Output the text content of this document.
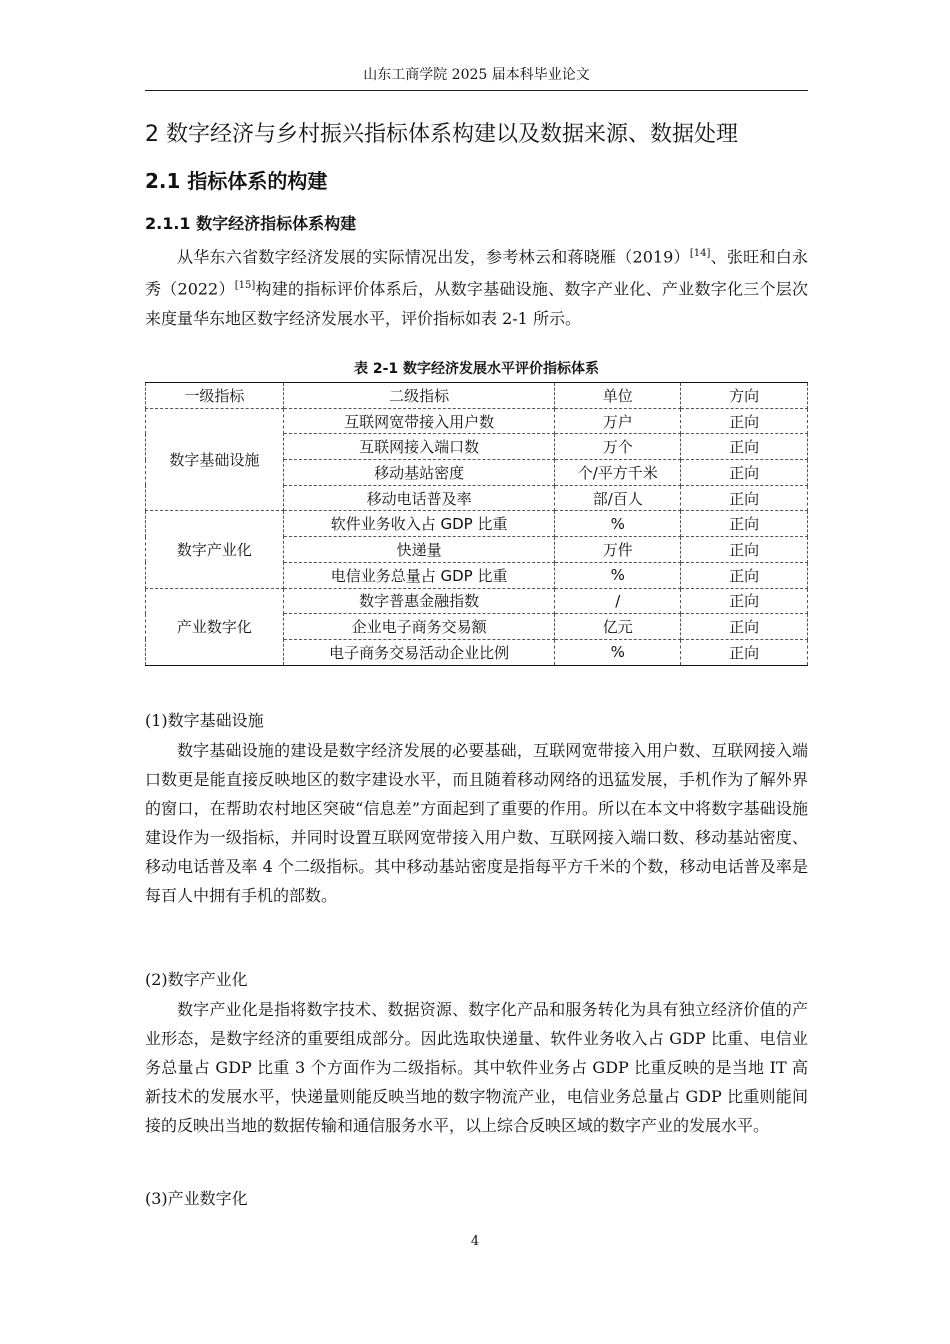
山东工商学院 2025 届本科毕业论文
2 数字经济与乡村振兴指标体系构建以及数据来源、数据处理
2.1 指标体系的构建
2.1.1 数字经济指标体系构建

从华东六省数字经济发展的实际情况出发，参考林云和蒋晓雁（2019）[14]、张旺和白永秀（2022）[15]构建的指标评价体系后，从数字基础设施、数字产业化、产业数字化三个层次来度量华东地区数字经济发展水平，评价指标如表 2-1 所示。

表 2-1 数字经济发展水平评价指标体系
一级指标	二级指标	单位	方向
数字基础设施	互联网宽带接入用户数	万户	正向
	互联网接入端口数	万个	正向
	移动基站密度	个/平方千米	正向
	移动电话普及率	部/百人	正向
数字产业化	软件业务收入占 GDP 比重	%	正向
	快递量	万件	正向
	电信业务总量占 GDP 比重	%	正向
产业数字化	数字普惠金融指数	/	正向
	企业电子商务交易额	亿元	正向
	电子商务交易活动企业比例	%	正向
(1)数字基础设施

数字基础设施的建设是数字经济发展的必要基础，互联网宽带接入用户数、互联网接入端口数更是能直接反映地区的数字建设水平，而且随着移动网络的迅猛发展，手机作为了解外界的窗口，在帮助农村地区突破“信息差”方面起到了重要的作用。所以在本文中将数字基础设施建设作为一级指标，并同时设置互联网宽带接入用户数、互联网接入端口数、移动基站密度、移动电话普及率 4 个二级指标。其中移动基站密度是指每平方千米的个数，移动电话普及率是每百人中拥有手机的部数。

(2)数字产业化

数字产业化是指将数字技术、数据资源、数字化产品和服务转化为具有独立经济价值的产业形态，是数字经济的重要组成部分。因此选取快递量、软件业务收入占 GDP 比重、电信业务总量占 GDP 比重 3 个方面作为二级指标。其中软件业务占 GDP 比重反映的是当地 IT 高新技术的发展水平，快递量则能反映当地的数字物流产业，电信业务总量占 GDP 比重则能间接的反映出当地的数据传输和通信服务水平，以上综合反映区域的数字产业的发展水平。

(3)产业数字化
4
